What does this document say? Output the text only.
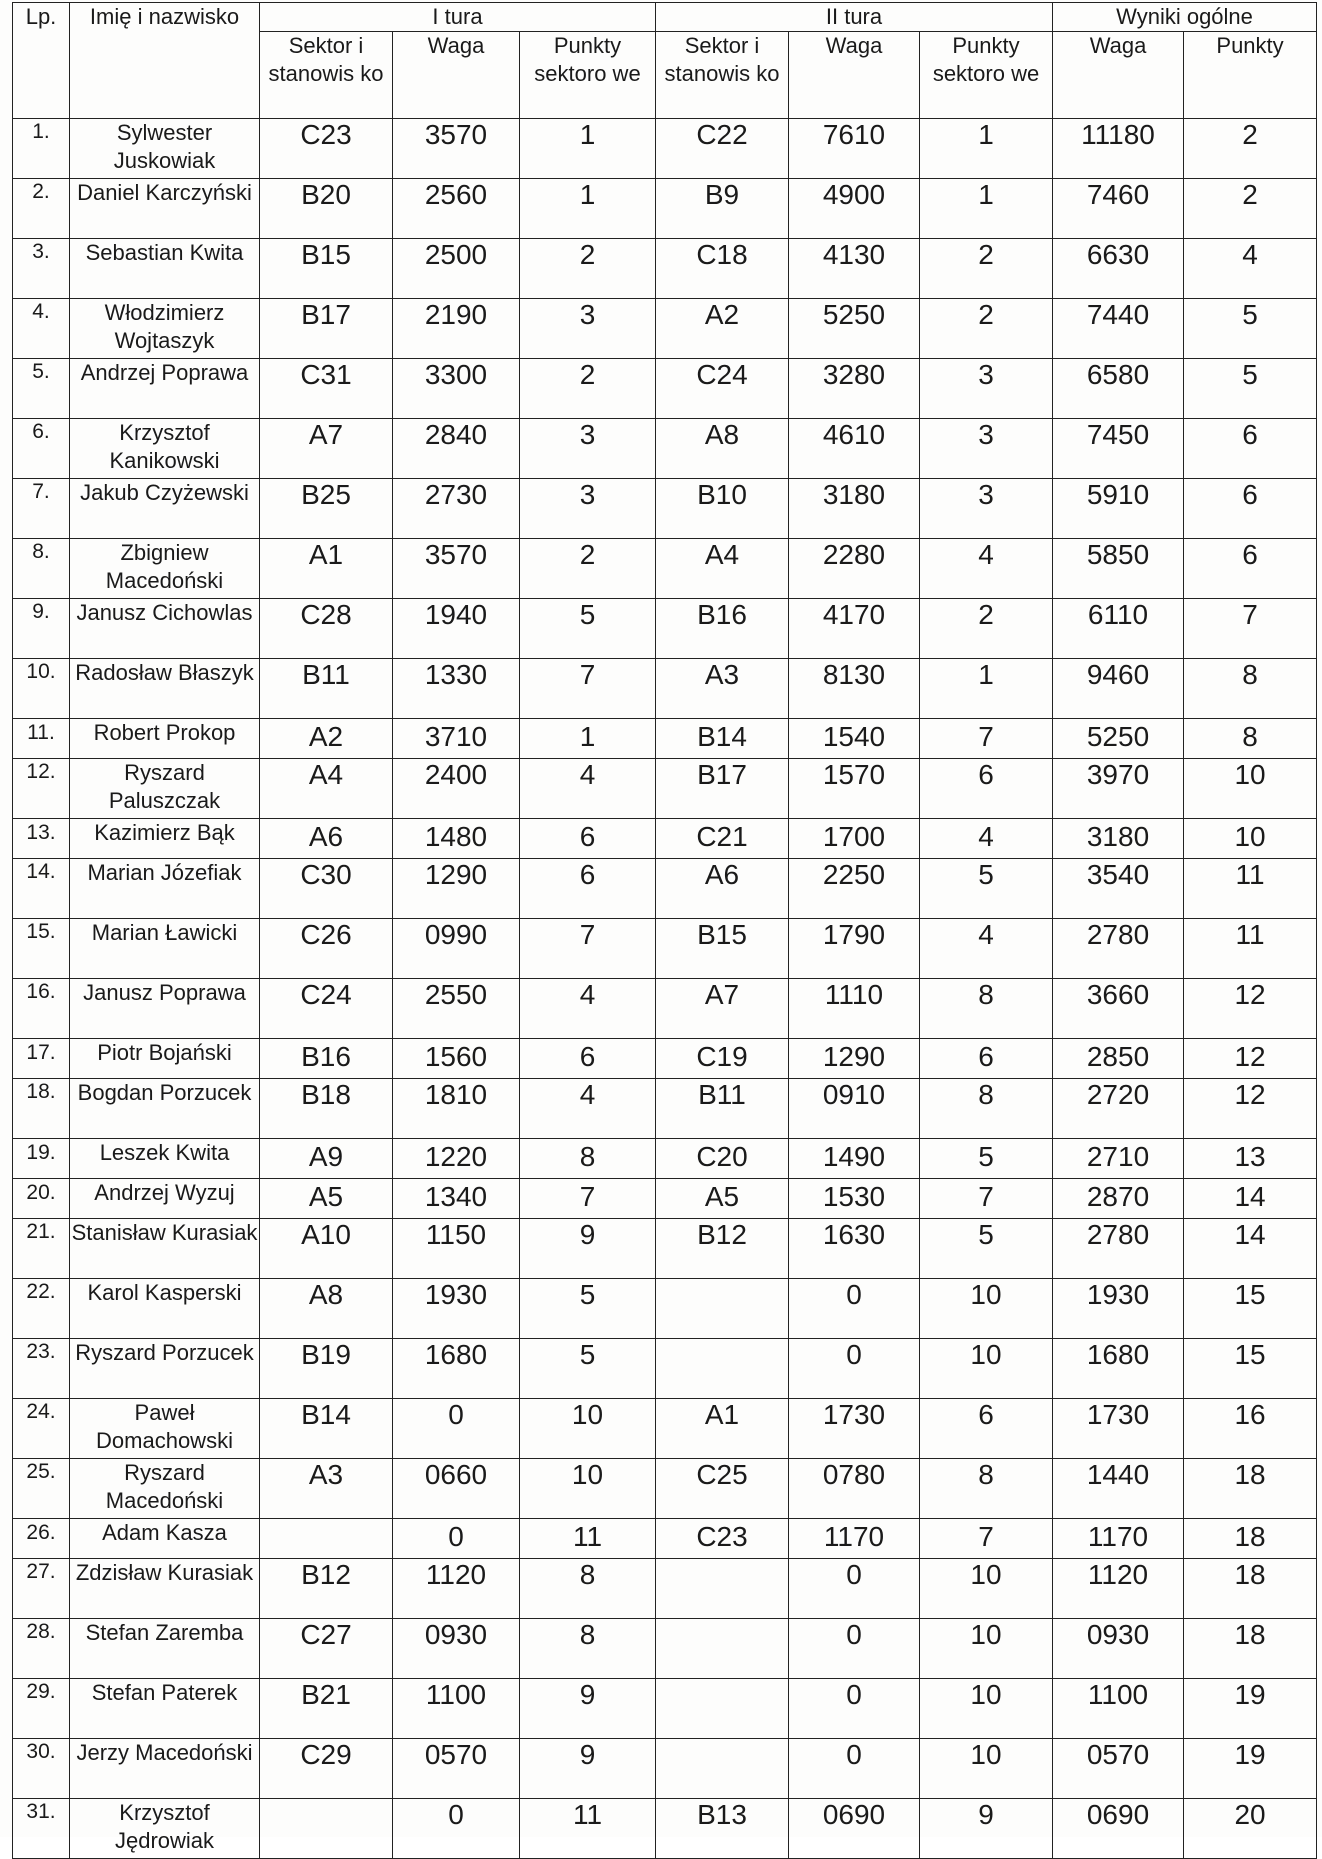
Lp.	Imię i nazwisko	I tura			II tura			Wyniki ogólne	
		Sektor i stanowis ko	Waga	Punkty sektoro we	Sektor i stanowis ko	Waga	Punkty sektoro we	Waga	Punkty
1.	Sylwester Juskowiak	C23	3570	1	C22	7610	1	11180	2
2.	Daniel Karczyński	B20	2560	1	B9	4900	1	7460	2
3.	Sebastian Kwita	B15	2500	2	C18	4130	2	6630	4
4.	Włodzimierz Wojtaszyk	B17	2190	3	A2	5250	2	7440	5
5.	Andrzej Poprawa	C31	3300	2	C24	3280	3	6580	5
6.	Krzysztof Kanikowski	A7	2840	3	A8	4610	3	7450	6
7.	Jakub Czyżewski	B25	2730	3	B10	3180	3	5910	6
8.	Zbigniew Macedoński	A1	3570	2	A4	2280	4	5850	6
9.	Janusz Cichowlas	C28	1940	5	B16	4170	2	6110	7
10.	Radosław Błaszyk	B11	1330	7	A3	8130	1	9460	8
11.	Robert Prokop	A2	3710	1	B14	1540	7	5250	8
12.	Ryszard Paluszczak	A4	2400	4	B17	1570	6	3970	10
13.	Kazimierz Bąk	A6	1480	6	C21	1700	4	3180	10
14.	Marian Józefiak	C30	1290	6	A6	2250	5	3540	11
15.	Marian Ławicki	C26	0990	7	B15	1790	4	2780	11
16.	Janusz Poprawa	C24	2550	4	A7	1110	8	3660	12
17.	Piotr Bojański	B16	1560	6	C19	1290	6	2850	12
18.	Bogdan Porzucek	B18	1810	4	B11	0910	8	2720	12
19.	Leszek Kwita	A9	1220	8	C20	1490	5	2710	13
20.	Andrzej Wyzuj	A5	1340	7	A5	1530	7	2870	14
21.	Stanisław Kurasiak	A10	1150	9	B12	1630	5	2780	14
22.	Karol Kasperski	A8	1930	5		0	10	1930	15
23.	Ryszard Porzucek	B19	1680	5		0	10	1680	15
24.	Paweł Domachowski	B14	0	10	A1	1730	6	1730	16
25.	Ryszard Macedoński	A3	0660	10	C25	0780	8	1440	18
26.	Adam Kasza		0	11	C23	1170	7	1170	18
27.	Zdzisław Kurasiak	B12	1120	8		0	10	1120	18
28.	Stefan Zaremba	C27	0930	8		0	10	0930	18
29.	Stefan Paterek	B21	1100	9		0	10	1100	19
30.	Jerzy Macedoński	C29	0570	9		0	10	0570	19
31.	Krzysztof Jędrowiak		0	11	B13	0690	9	0690	20
